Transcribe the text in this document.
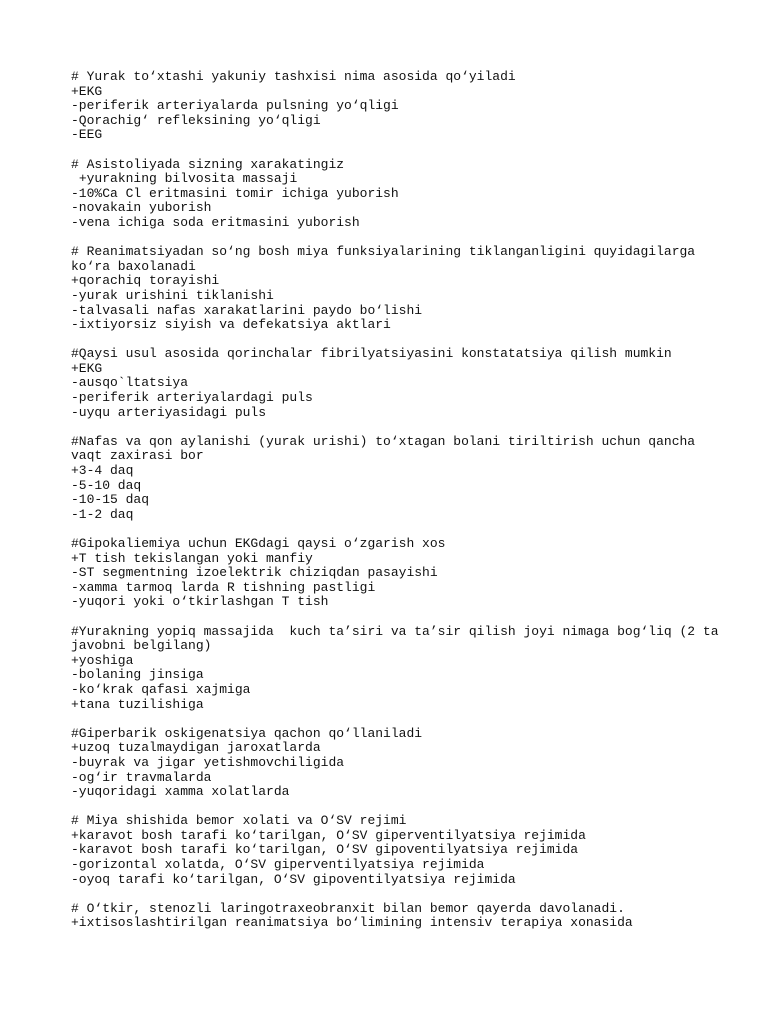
# Yurak to‘xtashi yakuniy tashxisi nima asosida qo‘yiladi
+EKG
-periferik arteriyalarda pulsning yo‘qligi
-Qorachig‘ refleksining yo‘qligi
-EEG
# Asistoliyada sizning xarakatingiz
+yurakning bilvosita massaji
-10%Ca Cl eritmasini tomir ichiga yuborish
-novakain yuborish
-vena ichiga soda eritmasini yuborish
# Reanimatsiyadan so‘ng bosh miya funksiyalarining tiklanganligini quyidagilarga
ko‘ra baxolanadi
+qorachiq torayishi
-yurak urishini tiklanishi
-talvasali nafas xarakatlarini paydo bo‘lishi
-ixtiyorsiz siyish va defekatsiya aktlari
#Qaysi usul asosida qorinchalar fibrilyatsiyasini konstatatsiya qilish mumkin
+EKG
-ausqo`ltatsiya
-periferik arteriyalardagi puls
-uyqu arteriyasidagi puls
#Nafas va qon aylanishi (yurak urishi) to‘xtagan bolani tiriltirish uchun qancha
vaqt zaxirasi bor
+3-4 daq
-5-10 daq
-10-15 daq
-1-2 daq
#Gipokaliemiya uchun EKGdagi qaysi o‘zgarish xos
+T tish tekislangan yoki manfiy
-ST segmentning izoelektrik chiziqdan pasayishi
-xamma tarmoq larda R tishning pastligi
-yuqori yoki o‘tkirlashgan T tish
#Yurakning yopiq massajida  kuch ta’siri va ta’sir qilish joyi nimaga bog‘liq (2 ta
javobni belgilang)
+yoshiga
-bolaning jinsiga
-ko‘krak qafasi xajmiga
+tana tuzilishiga
#Giperbarik oskigenatsiya qachon qo‘llaniladi
+uzoq tuzalmaydigan jaroxatlarda
-buyrak va jigar yetishmovchiligida
-og‘ir travmalarda
-yuqoridagi xamma xolatlarda
# Miya shishida bemor xolati va O‘SV rejimi
+karavot bosh tarafi ko‘tarilgan, O‘SV giperventilyatsiya rejimida
-karavot bosh tarafi ko‘tarilgan, O‘SV gipoventilyatsiya rejimida
-gorizontal xolatda, O‘SV giperventilyatsiya rejimida
-oyoq tarafi ko‘tarilgan, O‘SV gipoventilyatsiya rejimida
# O‘tkir, stenozli laringotraxeobranxit bilan bemor qayerda davolanadi.
+ixtisoslashtirilgan reanimatsiya bo‘limining intensiv terapiya xonasida
